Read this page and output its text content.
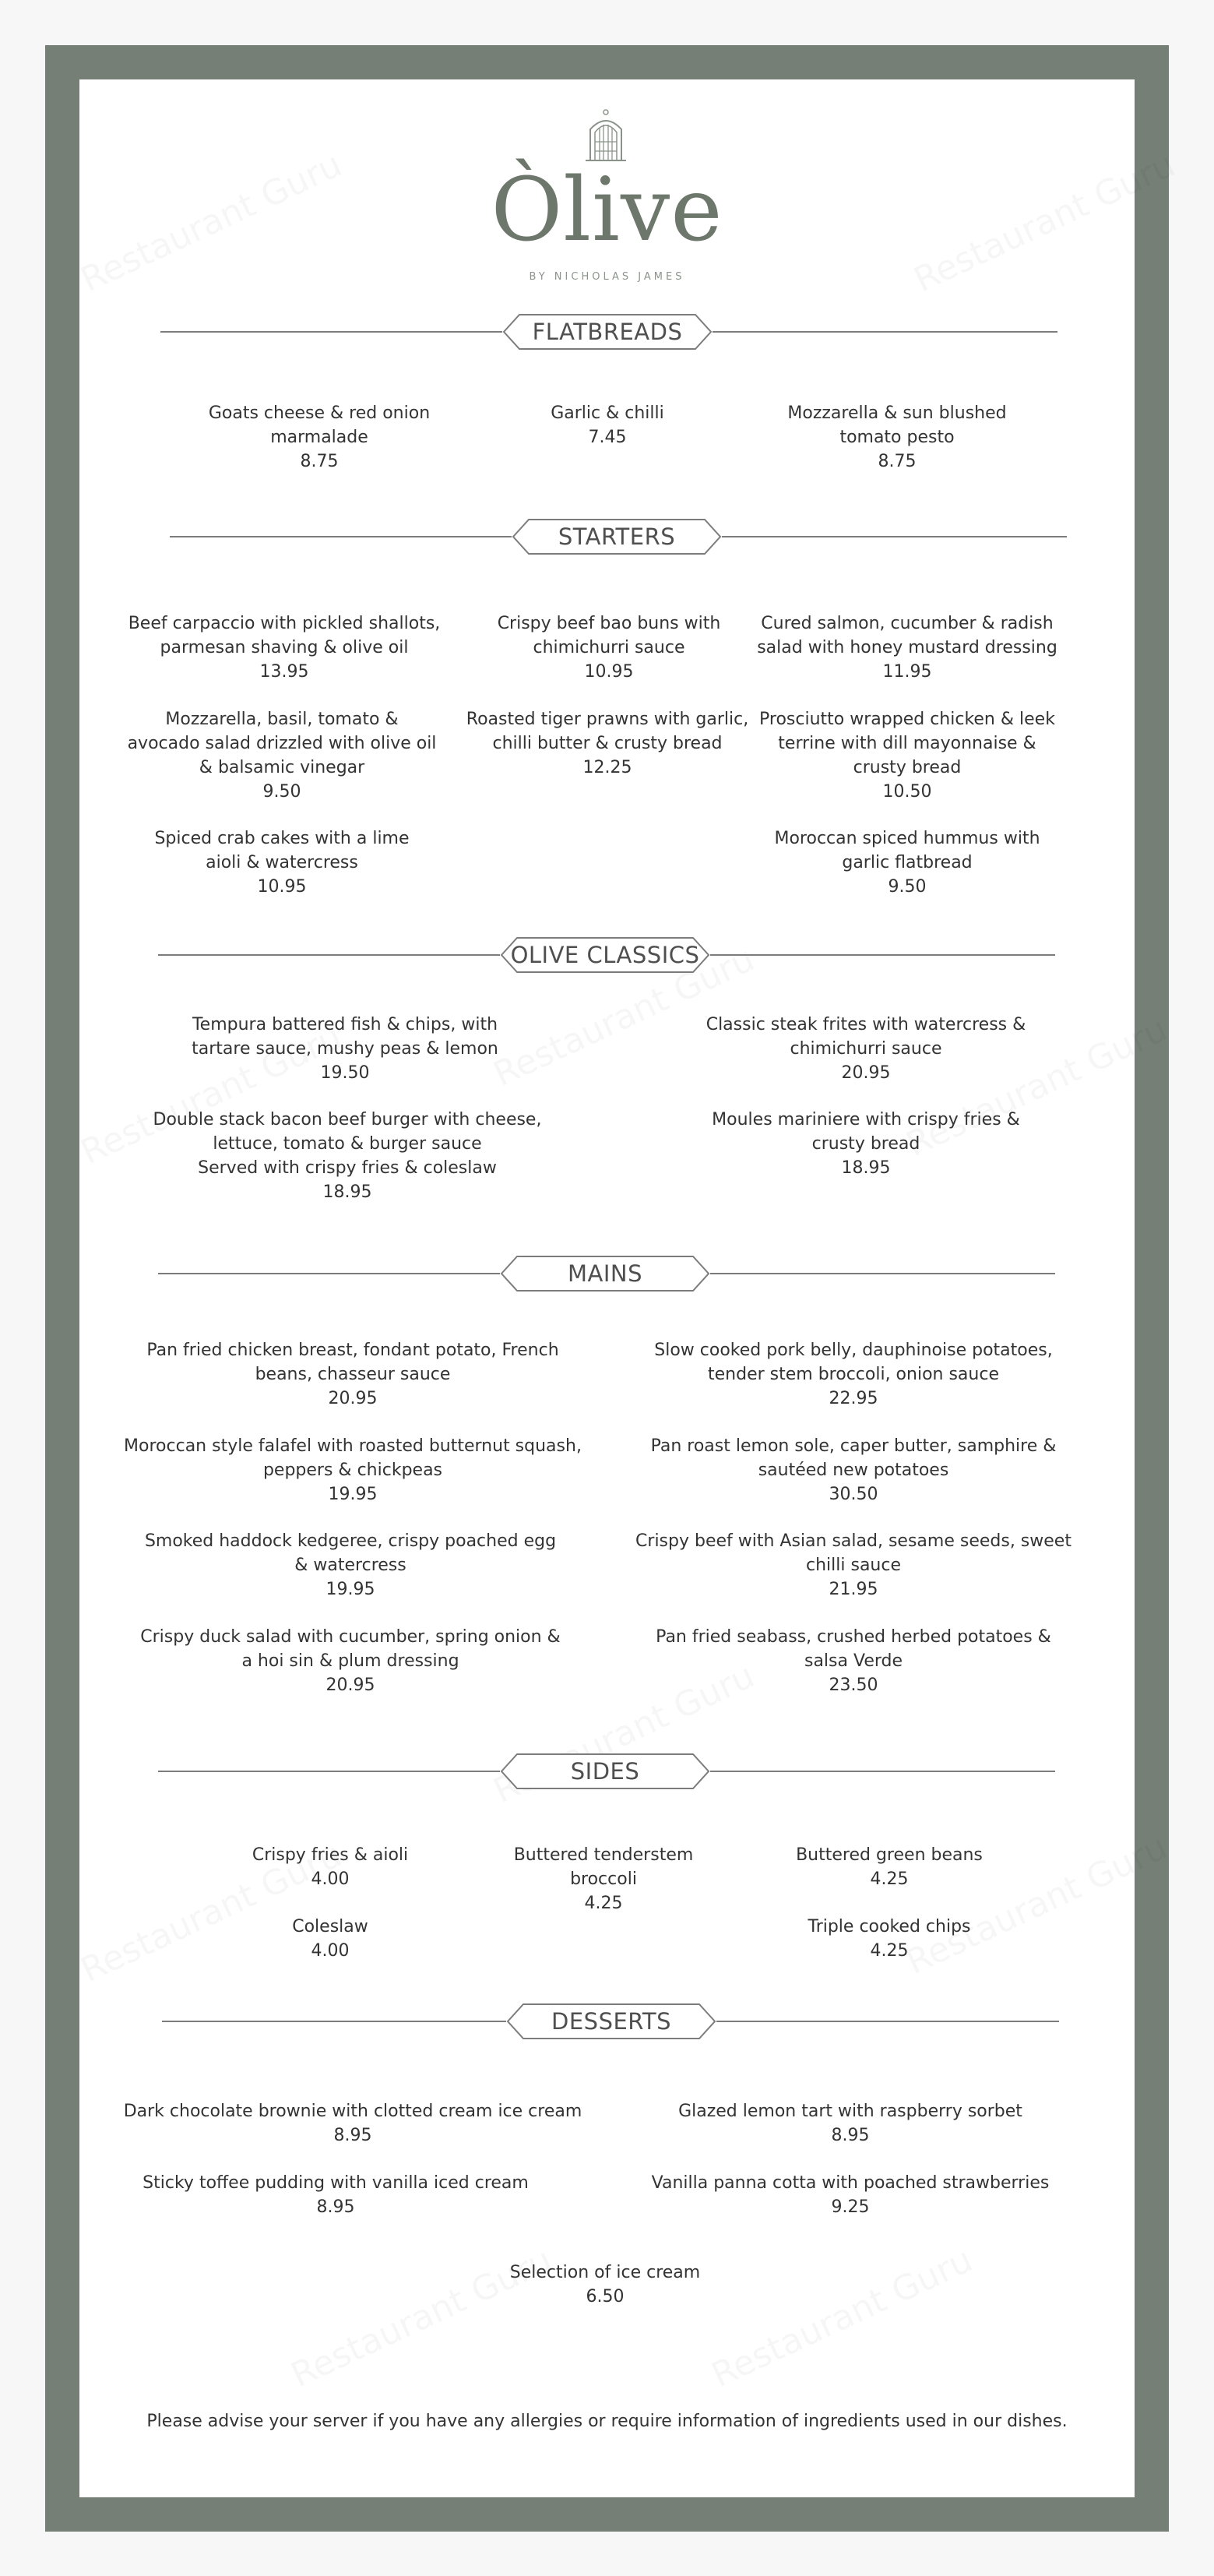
Òlive
BY NICHOLAS JAMES
FLATBREADS
Goats cheese & red onion
marmalade
8.75
Garlic & chilli
7.45
Mozzarella & sun blushed
tomato pesto
8.75
STARTERS
Beef carpaccio with pickled shallots,
parmesan shaving & olive oil
13.95
Crispy beef bao buns with
chimichurri sauce
10.95
Cured salmon, cucumber & radish
salad with honey mustard dressing
11.95
Mozzarella, basil, tomato &
avocado salad drizzled with olive oil
& balsamic vinegar
9.50
Roasted tiger prawns with garlic,
chilli butter & crusty bread
12.25
Prosciutto wrapped chicken & leek
terrine with dill mayonnaise &
crusty bread
10.50
Spiced crab cakes with a lime
aioli & watercress
10.95
Moroccan spiced hummus with
garlic flatbread
9.50
OLIVE CLASSICS
Tempura battered fish & chips, with
tartare sauce, mushy peas & lemon
19.50
Classic steak frites with watercress &
chimichurri sauce
20.95
Double stack bacon beef burger with cheese,
lettuce, tomato & burger sauce
Served with crispy fries & coleslaw
18.95
Moules mariniere with crispy fries &
crusty bread
18.95
MAINS
Pan fried chicken breast, fondant potato, French
beans, chasseur sauce
20.95
Slow cooked pork belly, dauphinoise potatoes,
tender stem broccoli, onion sauce
22.95
Moroccan style falafel with roasted butternut squash,
peppers & chickpeas
19.95
Pan roast lemon sole, caper butter, samphire &
sautéed new potatoes
30.50
Smoked haddock kedgeree, crispy poached egg
& watercress
19.95
Crispy beef with Asian salad, sesame seeds, sweet
chilli sauce
21.95
Crispy duck salad with cucumber, spring onion &
a hoi sin & plum dressing
20.95
Pan fried seabass, crushed herbed potatoes &
salsa Verde
23.50
SIDES
Crispy fries & aioli
4.00
Buttered tenderstem
broccoli
4.25
Buttered green beans
4.25
Coleslaw
4.00
Triple cooked chips
4.25
DESSERTS
Dark chocolate brownie with clotted cream ice cream
8.95
Glazed lemon tart with raspberry sorbet
8.95
Sticky toffee pudding with vanilla iced cream
8.95
Vanilla panna cotta with poached strawberries
9.25
Selection of ice cream
6.50
Please advise your server if you have any allergies or require information of ingredients used in our dishes.
